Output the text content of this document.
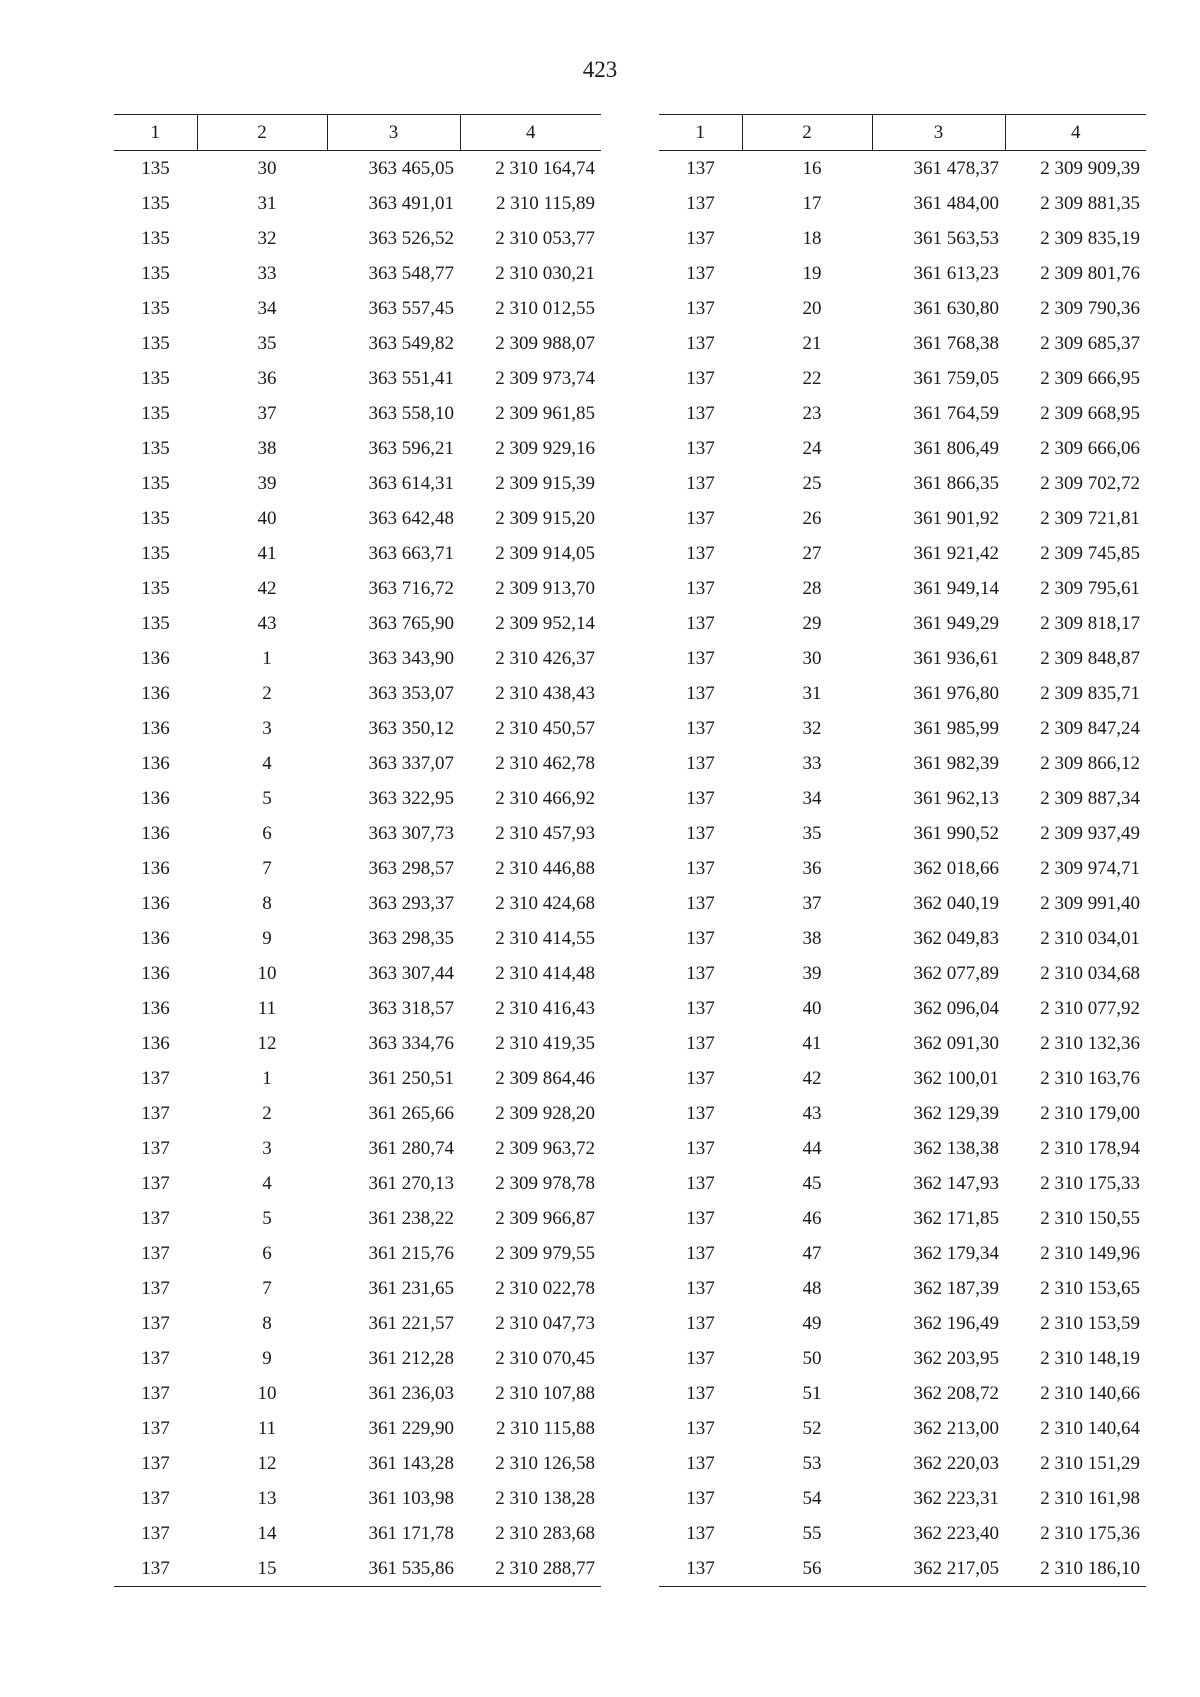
423
1	2	3	4
135	30	363 465,05	2 310 164,74
135	31	363 491,01	2 310 115,89
135	32	363 526,52	2 310 053,77
135	33	363 548,77	2 310 030,21
135	34	363 557,45	2 310 012,55
135	35	363 549,82	2 309 988,07
135	36	363 551,41	2 309 973,74
135	37	363 558,10	2 309 961,85
135	38	363 596,21	2 309 929,16
135	39	363 614,31	2 309 915,39
135	40	363 642,48	2 309 915,20
135	41	363 663,71	2 309 914,05
135	42	363 716,72	2 309 913,70
135	43	363 765,90	2 309 952,14
136	1	363 343,90	2 310 426,37
136	2	363 353,07	2 310 438,43
136	3	363 350,12	2 310 450,57
136	4	363 337,07	2 310 462,78
136	5	363 322,95	2 310 466,92
136	6	363 307,73	2 310 457,93
136	7	363 298,57	2 310 446,88
136	8	363 293,37	2 310 424,68
136	9	363 298,35	2 310 414,55
136	10	363 307,44	2 310 414,48
136	11	363 318,57	2 310 416,43
136	12	363 334,76	2 310 419,35
137	1	361 250,51	2 309 864,46
137	2	361 265,66	2 309 928,20
137	3	361 280,74	2 309 963,72
137	4	361 270,13	2 309 978,78
137	5	361 238,22	2 309 966,87
137	6	361 215,76	2 309 979,55
137	7	361 231,65	2 310 022,78
137	8	361 221,57	2 310 047,73
137	9	361 212,28	2 310 070,45
137	10	361 236,03	2 310 107,88
137	11	361 229,90	2 310 115,88
137	12	361 143,28	2 310 126,58
137	13	361 103,98	2 310 138,28
137	14	361 171,78	2 310 283,68
137	15	361 535,86	2 310 288,77
1	2	3	4
137	16	361 478,37	2 309 909,39
137	17	361 484,00	2 309 881,35
137	18	361 563,53	2 309 835,19
137	19	361 613,23	2 309 801,76
137	20	361 630,80	2 309 790,36
137	21	361 768,38	2 309 685,37
137	22	361 759,05	2 309 666,95
137	23	361 764,59	2 309 668,95
137	24	361 806,49	2 309 666,06
137	25	361 866,35	2 309 702,72
137	26	361 901,92	2 309 721,81
137	27	361 921,42	2 309 745,85
137	28	361 949,14	2 309 795,61
137	29	361 949,29	2 309 818,17
137	30	361 936,61	2 309 848,87
137	31	361 976,80	2 309 835,71
137	32	361 985,99	2 309 847,24
137	33	361 982,39	2 309 866,12
137	34	361 962,13	2 309 887,34
137	35	361 990,52	2 309 937,49
137	36	362 018,66	2 309 974,71
137	37	362 040,19	2 309 991,40
137	38	362 049,83	2 310 034,01
137	39	362 077,89	2 310 034,68
137	40	362 096,04	2 310 077,92
137	41	362 091,30	2 310 132,36
137	42	362 100,01	2 310 163,76
137	43	362 129,39	2 310 179,00
137	44	362 138,38	2 310 178,94
137	45	362 147,93	2 310 175,33
137	46	362 171,85	2 310 150,55
137	47	362 179,34	2 310 149,96
137	48	362 187,39	2 310 153,65
137	49	362 196,49	2 310 153,59
137	50	362 203,95	2 310 148,19
137	51	362 208,72	2 310 140,66
137	52	362 213,00	2 310 140,64
137	53	362 220,03	2 310 151,29
137	54	362 223,31	2 310 161,98
137	55	362 223,40	2 310 175,36
137	56	362 217,05	2 310 186,10
